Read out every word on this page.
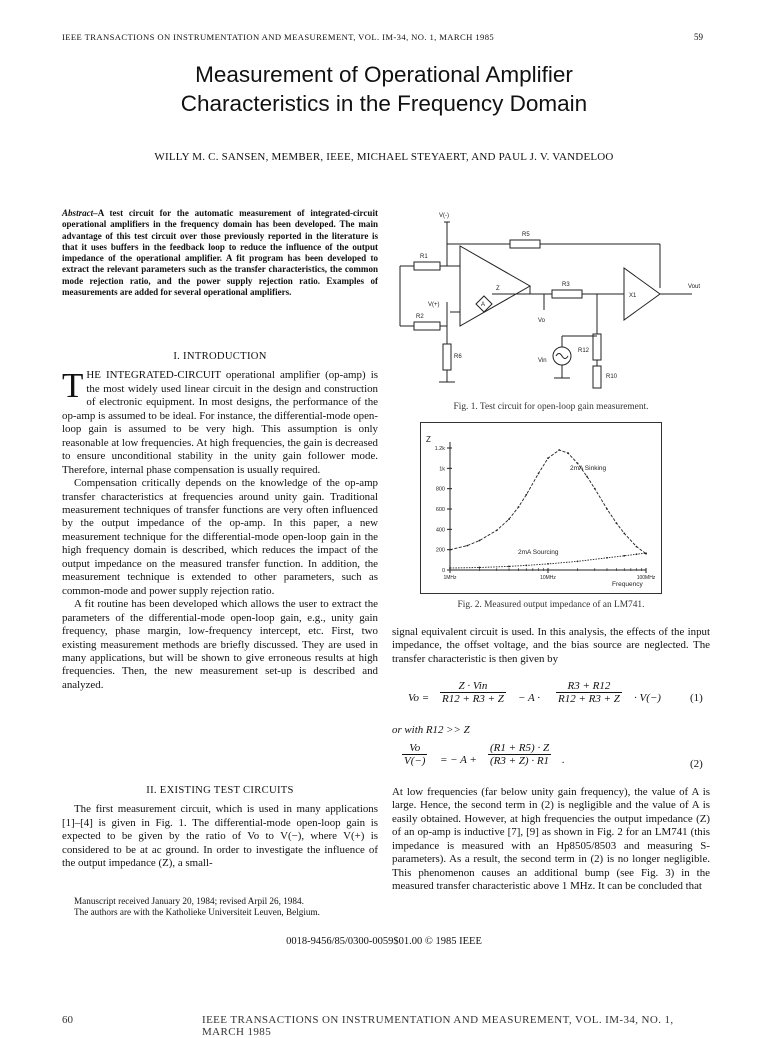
IEEE TRANSACTIONS ON INSTRUMENTATION AND MEASUREMENT, VOL. IM-34, NO. 1, MARCH 1985	59
Measurement of Operational Amplifier
Characteristics in the Frequency Domain
WILLY M. C. SANSEN, MEMBER, IEEE, MICHAEL STEYAERT, AND PAUL J. V. VANDELOO
Abstract–A test circuit for the automatic measurement of integrated-circuit operational amplifiers in the frequency domain has been developed. The main advantage of this test circuit over those previously reported in the literature is that it uses buffers in the feedback loop to reduce the influence of the output impedance of the operational amplifier. A fit program has been developed to extract the relevant parameters such as the transfer characteristics, the common mode rejection ratio, and the power supply rejection ratio. Examples of measurements are added for several operational amplifiers.
I. INTRODUCTION

THE INTEGRATED-CIRCUIT operational amplifier (op-amp) is the most widely used linear circuit in the design and construction of electronic equipment. In most designs, the performance of the op-amp is assumed to be ideal. For instance, the differential-mode open-loop gain is assumed to be very high. This assumption is only reasonable at low frequencies. At high frequencies, the gain is decreased to ensure unconditional stability in the unity gain follower mode. Therefore, internal phase compensation is usually required.

Compensation critically depends on the knowledge of the op-amp transfer characteristics at frequencies around unity gain. Traditional measurement techniques of transfer functions are very often influenced by the output impedance of the op-amp. In this paper, a new measurement technique for the differential-mode open-loop gain in the high frequency domain is described, which reduces the impact of the output impedance on the measured transfer function. In addition, the measurement technique is extended to other parameters, such as common-mode and power supply rejection ratio.

A fit routine has been developed which allows the user to extract the parameters of the differential-mode open-loop gain, e.g., unity gain frequency, phase margin, low-frequency intercept, etc. First, two existing measurement methods are briefly discussed. They are used in many applications, but will be shown to give erroneous results at high frequencies. Then, the new measurement set-up is described and analyzed.

II. EXISTING TEST CIRCUITS

The first measurement circuit, which is used in many applications [1]–[4] is given in Fig. 1. The differential-mode open-loop gain is expected to be given by the ratio of Vo to V(−), where V(+) is considered to be at ac ground. In order to investigate the influence of the output impedance (Z), a small-

Manuscript received January 20, 1984; revised Arpil 26, 1984.
The authors are with the Katholieke Universiteit Leuven, Belgium.
V(-)
R5
R1
Z
R3
X1
Vout
V(+)	A
R2
Vo
R12
R6
Vin
R10
Fig. 1. Test circuit for open-loop gain measurement.
Z
Frequency
0
200
400
600
800
1k
1.2k
1MHz	10MHz	100MHz
2mA Sinking
2mA Sourcing
Fig. 2. Measured output impedance of an LM741.
signal equivalent circuit is used. In this analysis, the effects of the input impedance, the offset voltage, and the bias source are neglected. The transfer characteristic is then given by
Vo =
Z · Vin
$R12 + R3 + Z - A \cdot \frac{R3 + R12}{R12 + R3 + Z} \cdot V(-)$	(1)
or with R12 >> Z
$\frac{Vo}{V(-)}$ = − $A + \frac{(R1 + R5) \cdot Z}{(R3 + Z) \cdot R1}$ .	(2)
At low frequencies (far below unity gain frequency), the value of A is large. Hence, the second term in (2) is negligible and the value of A is easily obtained. However, at high frequencies the output impedance (Z) of an op-amp is inductive [7], [9] as shown in Fig. 2 for an LM741 (this impedance is measured with an Hp8505/8503 and measuring S-parameters). As a result, the second term in (2) is no longer negligible. This phenomenon causes an additional bump (see Fig. 3) in the measured transfer characteristic above 1 MHz. It can be concluded that
0018-9456/85/0300-0059$01.00 © 1985 IEEE
60	IEEE TRANSACTIONS ON INSTRUMENTATION AND MEASUREMENT, VOL. IM-34, NO. 1, MARCH 1985
